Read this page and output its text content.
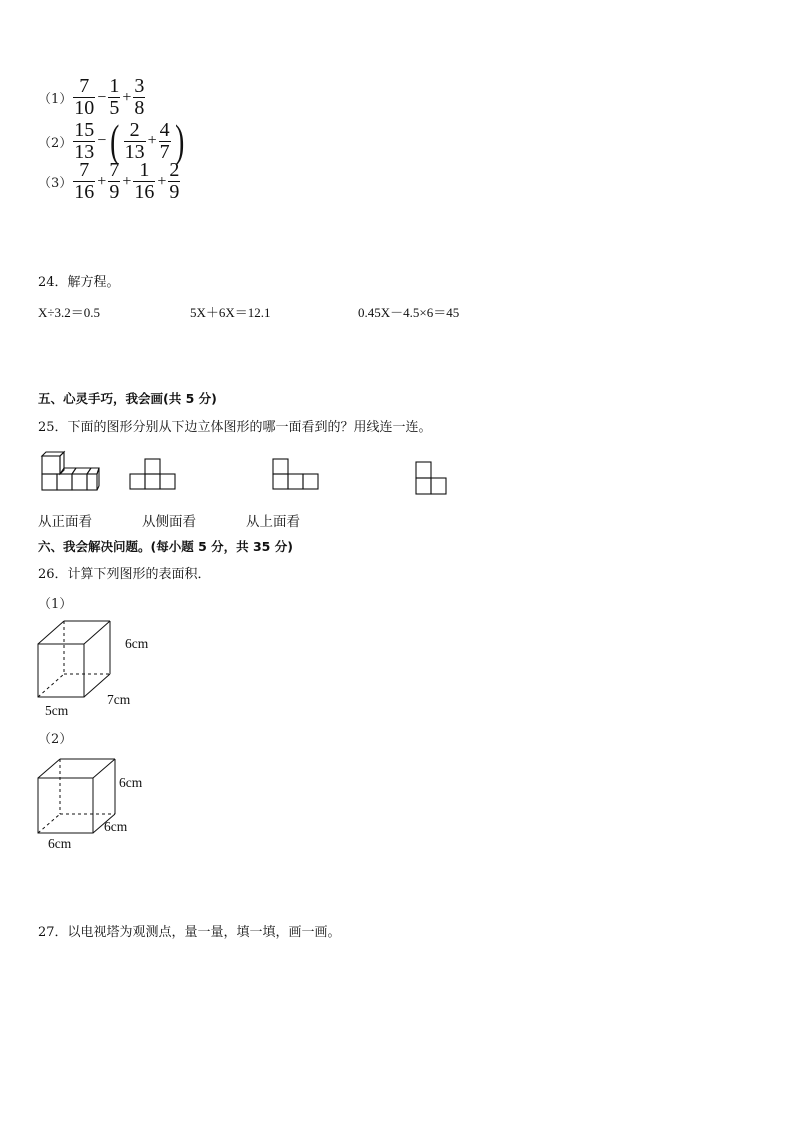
$(1) \frac{7}{10} - \frac{1}{5} + \frac{3}{8}$
$(2) \frac{15}{13}$ − ( $\frac{2}{13} + \frac{4}{7}$ )
$(3) \frac{7}{16} + \frac{7}{9} + \frac{1}{16} + \frac{2}{9}$
24．解方程。
X÷3.2＝0.5	5X＋6X＝12.1	0.45X－4.5×6＝45
五、心灵手巧，我会画(共 5 分)
25．下面的图形分别从下边立体图形的哪一面看到的？用线连一连。
从正面看	从侧面看	从上面看
六、我会解决问题。(每小题 5 分，共 35 分)
26．计算下列图形的表面积．
（1）
6cm
7cm
5cm
（2）
6cm
6cm
6cm
27．以电视塔为观测点，量一量，填一填，画一画。
